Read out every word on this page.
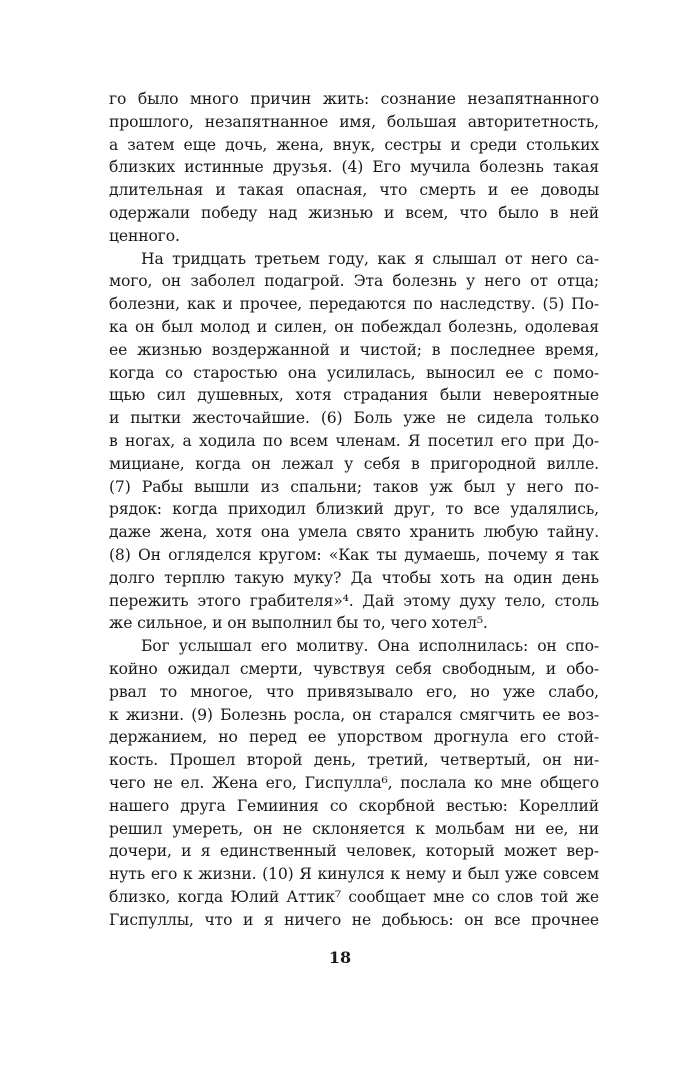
го было много причин жить: сознание незапятнанного
прошлого, незапятнанное имя, большая авторитетность,
а затем еще дочь, жена, внук, сестры и среди стольких
близких истинные друзья. (4) Его мучила болезнь такая
длительная и такая опасная, что смерть и ее доводы
одержали победу над жизнью и всем, что было в ней
ценного.
На тридцать третьем году, как я слышал от него са-
мого, он заболел подагрой. Эта болезнь у него от отца;
болезни, как и прочее, передаются по наследству. (5) По-
ка он был молод и силен, он побеждал болезнь, одолевая
ее жизнью воздержанной и чистой; в последнее время,
когда со старостью она усилилась, выносил ее с помо-
щью сил душевных, хотя страдания были невероятные
и пытки жесточайшие. (6) Боль уже не сидела только
в ногах, а ходила по всем членам. Я посетил его при До-
мициане, когда он лежал у себя в пригородной вилле.
(7) Рабы вышли из спальни; таков уж был у него по-
рядок: когда приходил близкий друг, то все удалялись,
даже жена, хотя она умела свято хранить любую тайну.
(8) Он огляделся кругом: «Как ты думаешь, почему я так
долго терплю такую муку? Да чтобы хоть на один день
пережить этого грабителя»⁴. Дай этому духу тело, столь
же сильное, и он выполнил бы то, чего хотел⁵.
Бог услышал его молитву. Она исполнилась: он спо-
койно ожидал смерти, чувствуя себя свободным, и обо-
рвал то многое, что привязывало его, но уже слабо,
к жизни. (9) Болезнь росла, он старался смягчить ее воз-
держанием, но перед ее упорством дрогнула его стой-
кость. Прошел второй день, третий, четвертый, он ни-
чего не ел. Жена его, Гиспулла⁶, послала ко мне общего
нашего друга Гемииния со скорбной вестью: Кореллий
решил умереть, он не склоняется к мольбам ни ее, ни
дочери, и я единственный человек, который может вер-
нуть его к жизни. (10) Я кинулся к нему и был уже совсем
близко, когда Юлий Аттик⁷ сообщает мне со слов той же
Гиспуллы, что и я ничего не добьюсь: он все прочнее
18
